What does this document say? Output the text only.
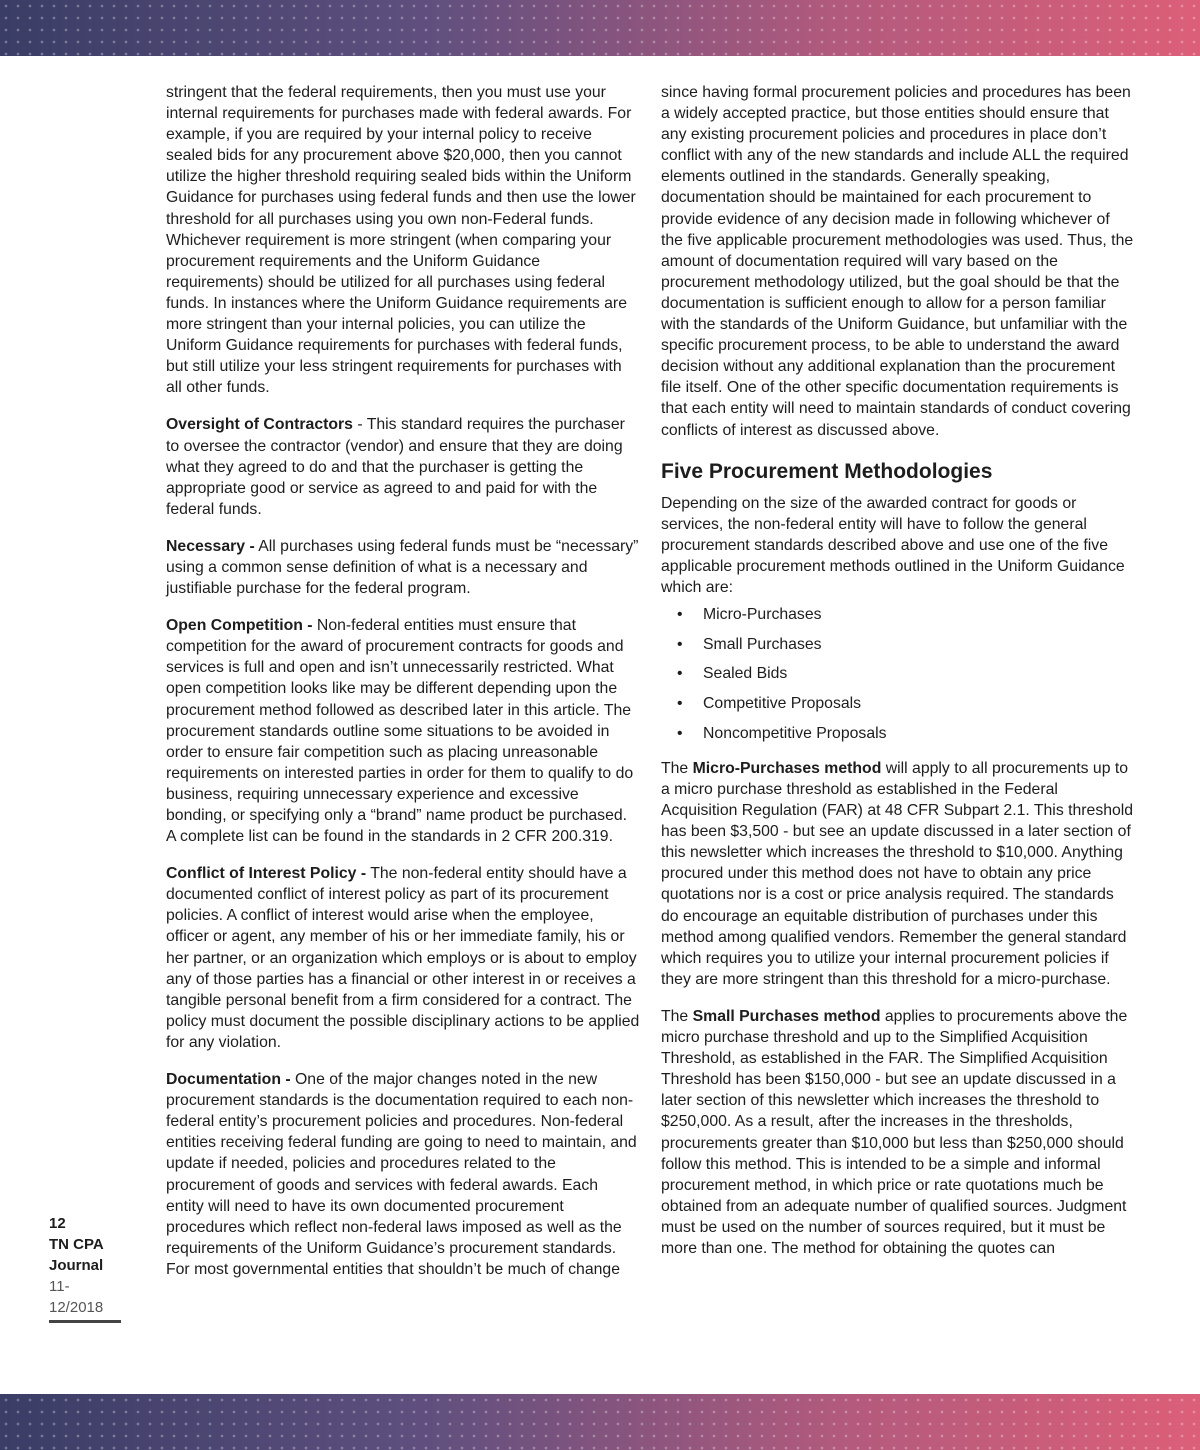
stringent that the federal requirements, then you must use your internal requirements for purchases made with federal awards. For example, if you are required by your internal policy to receive sealed bids for any procurement above $20,000, then you cannot utilize the higher threshold requiring sealed bids within the Uniform Guidance for purchases using federal funds and then use the lower threshold for all purchases using you own non-Federal funds. Whichever requirement is more stringent (when comparing your procurement requirements and the Uniform Guidance requirements) should be utilized for all purchases using federal funds. In instances where the Uniform Guidance requirements are more stringent than your internal policies, you can utilize the Uniform Guidance requirements for purchases with federal funds, but still utilize your less stringent requirements for purchases with all other funds.

Oversight of Contractors - This standard requires the purchaser to oversee the contractor (vendor) and ensure that they are doing what they agreed to do and that the purchaser is getting the appropriate good or service as agreed to and paid for with the federal funds.

Necessary - All purchases using federal funds must be “necessary” using a common sense definition of what is a necessary and justifiable purchase for the federal program.

Open Competition - Non-federal entities must ensure that competition for the award of procurement contracts for goods and services is full and open and isn’t unnecessarily restricted. What open competition looks like may be different depending upon the procurement method followed as described later in this article. The procurement standards outline some situations to be avoided in order to ensure fair competition such as placing unreasonable requirements on interested parties in order for them to qualify to do business, requiring unnecessary experience and excessive bonding, or specifying only a “brand” name product be purchased. A complete list can be found in the standards in 2 CFR 200.319.

Conflict of Interest Policy - The non-federal entity should have a documented conflict of interest policy as part of its procurement policies. A conflict of interest would arise when the employee, officer or agent, any member of his or her immediate family, his or her partner, or an organization which employs or is about to employ any of those parties has a financial or other interest in or receives a tangible personal benefit from a firm considered for a contract. The policy must document the possible disciplinary actions to be applied for any violation.

Documentation - One of the major changes noted in the new procurement standards is the documentation required to each non-federal entity’s procurement policies and procedures. Non-federal entities receiving federal funding are going to need to maintain, and update if needed, policies and procedures related to the procurement of goods and services with federal awards. Each entity will need to have its own documented procurement procedures which reflect non-federal laws imposed as well as the requirements of the Uniform Guidance’s procurement standards. For most governmental entities that shouldn’t be much of change

since having formal procurement policies and procedures has been a widely accepted practice, but those entities should ensure that any existing procurement policies and procedures in place don’t conflict with any of the new standards and include ALL the required elements outlined in the standards. Generally speaking, documentation should be maintained for each procurement to provide evidence of any decision made in following whichever of the five applicable procurement methodologies was used. Thus, the amount of documentation required will vary based on the procurement methodology utilized, but the goal should be that the documentation is sufficient enough to allow for a person familiar with the standards of the Uniform Guidance, but unfamiliar with the specific procurement process, to be able to understand the award decision without any additional explanation than the procurement file itself. One of the other specific documentation requirements is that each entity will need to maintain standards of conduct covering conflicts of interest as discussed above.

Five Procurement Methodologies

Depending on the size of the awarded contract for goods or services, the non-federal entity will have to follow the general procurement standards described above and use one of the five applicable procurement methods outlined in the Uniform Guidance which are:

• Micro-Purchases
• Small Purchases
• Sealed Bids
• Competitive Proposals
• Noncompetitive Proposals

The Micro-Purchases method will apply to all procurements up to a micro purchase threshold as established in the Federal Acquisition Regulation (FAR) at 48 CFR Subpart 2.1. This threshold has been $3,500 - but see an update discussed in a later section of this newsletter which increases the threshold to $10,000. Anything procured under this method does not have to obtain any price quotations nor is a cost or price analysis required. The standards do encourage an equitable distribution of purchases under this method among qualified vendors. Remember the general standard which requires you to utilize your internal procurement policies if they are more stringent than this threshold for a micro-purchase.

The Small Purchases method applies to procurements above the micro purchase threshold and up to the Simplified Acquisition Threshold, as established in the FAR. The Simplified Acquisition Threshold has been $150,000 - but see an update discussed in a later section of this newsletter which increases the threshold to $250,000. As a result, after the increases in the thresholds, procurements greater than $10,000 but less than $250,000 should follow this method. This is intended to be a simple and informal procurement method, in which price or rate quotations much be obtained from an adequate number of qualified sources. Judgment must be used on the number of sources required, but it must be more than one. The method for obtaining the quotes can

12
TN CPA
Journal
11-12/2018
